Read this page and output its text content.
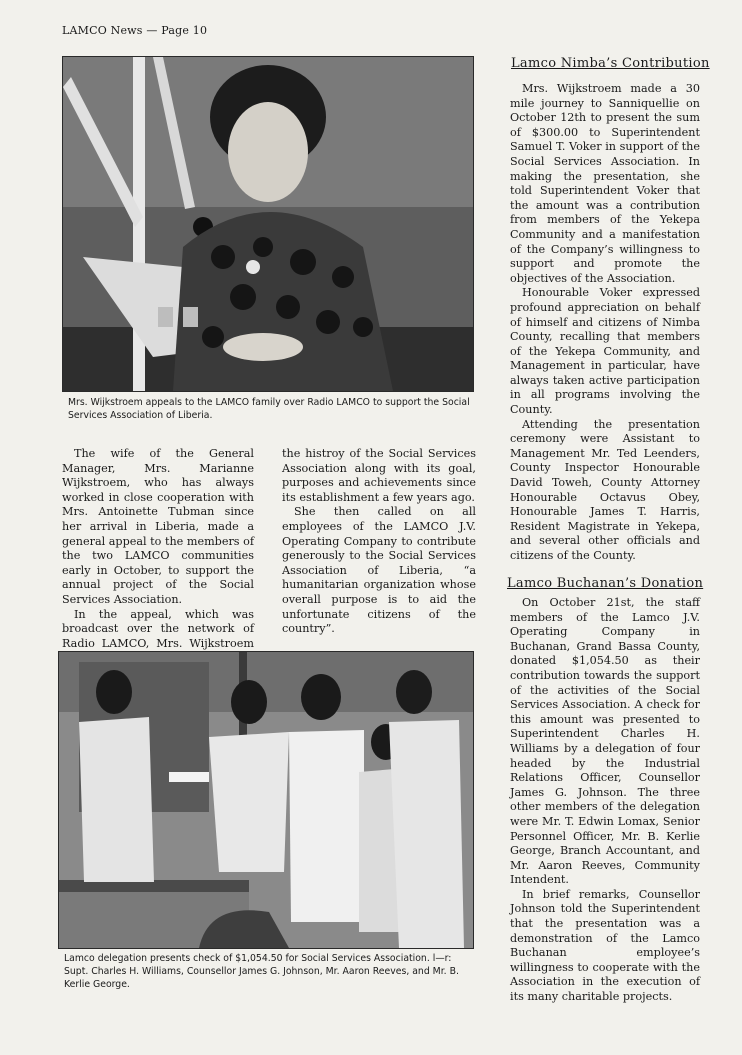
LAMCO News — Page 10
Mrs. Wijkstroem appeals to the LAMCO family over Radio LAMCO to support the Social Services Association of Liberia.

The wife of the General Manager, Mrs. Marianne Wijkstroem, who has always worked in close cooperation with Mrs. Antoinette Tubman since her arrival in Liberia, made a general appeal to the members of the two LAMCO communities early in October, to support the annual project of the Social Services Association.

In the appeal, which was broadcast over the network of Radio LAMCO, Mrs. Wijkstroem

the histroy of the Social Services Association along with its goal, purposes and achievements since its establishment a few years ago.

She then called on all employees of the LAMCO J.V. Operating Company to contribute generously to the Social Services Association of Liberia, “a humanitarian organization whose overall purpose is to aid the unfortunate citizens of the country”.

Lamco delegation presents check of $1,054.50 for Social Services Association. l—r: Supt. Charles H. Williams, Counsellor James G. Johnson, Mr. Aaron Reeves, and Mr. B. Kerlie George.
Lamco Nimba’s Contribution

Mrs. Wijkstroem made a 30 mile journey to Sanniquellie on October 12th to present the sum of $300.00 to Superintendent Samuel T. Voker in support of the Social Services Association. In making the presentation, she told Superintendent Voker that the amount was a contribution from members of the Yekepa Community and a manifestation of the Company’s willingness to support and promote the objectives of the Association.

Honourable Voker expressed profound appreciation on behalf of himself and citizens of Nimba County, recalling that members of the Yekepa Community, and Management in particular, have always taken active participation in all programs involving the County.

Attending the presentation ceremony were Assistant to Management Mr. Ted Leenders, County Inspector Honourable David Toweh, County Attorney Honourable Octavus Obey, Honourable James T. Harris, Resident Magistrate in Yekepa, and several other officials and citizens of the County.

Lamco Buchanan’s Donation

On October 21st, the staff members of the Lamco J.V. Operating Company in Buchanan, Grand Bassa County, donated $1,054.50 as their contribution towards the support of the activities of the Social Services Association. A check for this amount was presented to Superintendent Charles H. Williams by a delegation of four headed by the Industrial Relations Officer, Counsellor James G. Johnson. The three other members of the delegation were Mr. T. Edwin Lomax, Senior Personnel Officer, Mr. B. Kerlie George, Branch Accountant, and Mr. Aaron Reeves, Community Intendent.

In brief remarks, Counsellor Johnson told the Superintendent that the presentation was a demonstration of the Lamco Buchanan employee’s willingness to cooperate with the Association in the execution of its many charitable projects.
